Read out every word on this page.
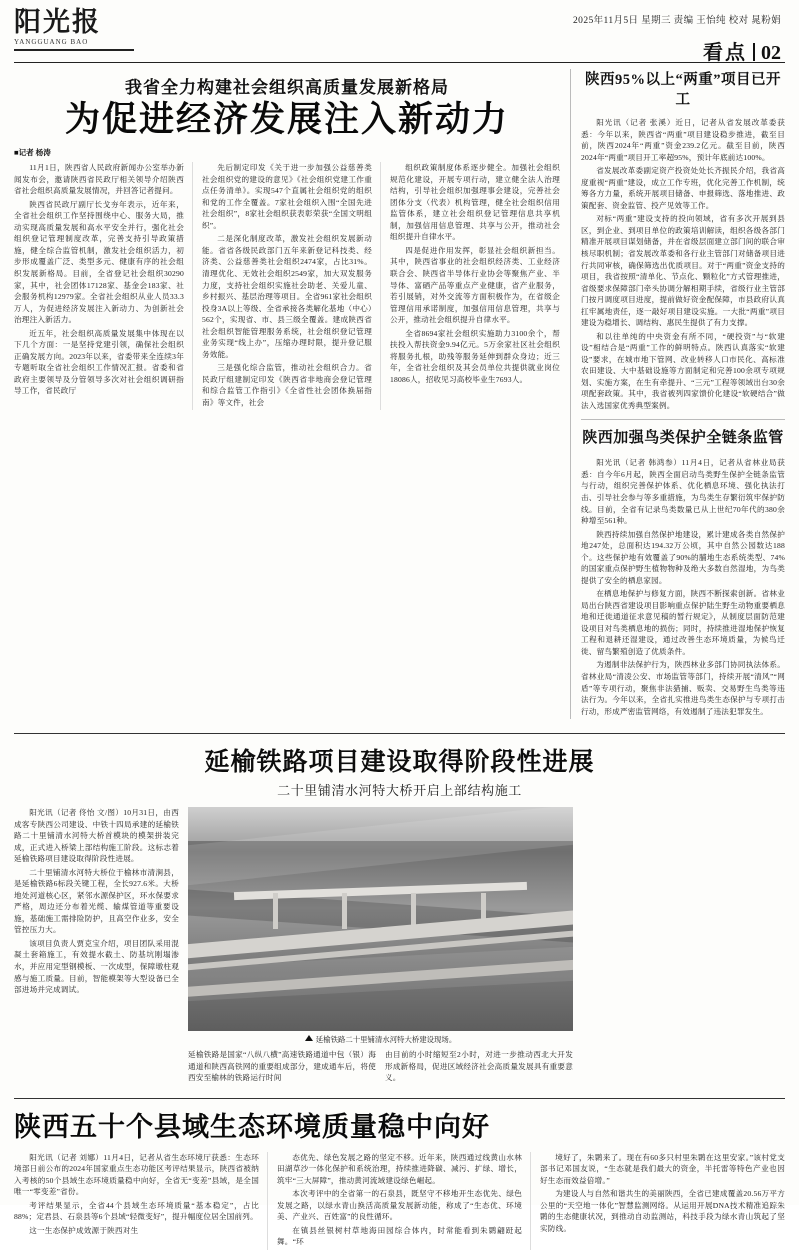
阳光报
YANGGUANG BAO
2025年11月5日 星期三 责编 王怡纯 校对 晁粉娟
看点 02
我省全力构建社会组织高质量发展新格局
为促进经济发展注入新动力
■记者 杨涛

11月1日，陕西省人民政府新闻办公室举办新闻发布会，邀请陕西省民政厅相关领导介绍陕西省社会组织高质量发展情况，并回答记者提问。

陕西省民政厅副厅长戈夯年表示，近年来，全省社会组织工作坚持围绕中心、服务大局，推动实现高质量发展和高水平安全并行，强化社会组织登记管理制度改革，完善支持引导政策措施，健全综合监管机制，激发社会组织活力，初步形成覆盖广泛、类型多元、健康有序的社会组织发展新格局。目前，全省登记社会组织30290家，其中，社会团体17128家、基金会183家、社会服务机构12979家。全省社会组织从业人员33.3万人，为促进经济发展注入新动力、为创新社会治理注入新活力。

近五年，社会组织高质量发展集中体现在以下几个方面：一是坚持党建引领，确保社会组织正确发展方向。2023年以来，省委带来全连续3年专题听取全省社会组织工作情况汇报。省委和省政府主要领导及分管领导多次对社会组织调研指导工作，省民政厅

先后制定印发《关于进一步加强公益慈善类社会组织党的建设的意见》《社会组织党建工作重点任务清单》。实现547个直属社会组织党的组织和党的工作全覆盖。7家社会组织入围“全国先进社会组织”，8家社会组织获表彰荣获“全国文明组织”。

二是深化制度改革，激发社会组织发展新动能。省省各级民政部门五年来新登记科技类、经济类、公益慈善类社会组织2474家，占比31%。清理优化、无效社会组织2549家，加大双发服务力度，支持社会组织实施社会助老、关爱儿童、乡村振兴、基层治理等项目。全省961家社会组织投身3A以上等级、全省承接各类解化基地（中心）562个，实现省、市、县三级全覆盖。建成陕西省社会组织智能管理服务系统，社会组织登记管理业务实现“线上办”，压缩办理时限，提升登记服务效能。

三是强化综合监管，推动社会组织合力。省民政厅组建制定印发《陕西省非地商会登记管理和综合监管工作指引》《全省性社会团体换届指南》等文件，社会

组织政策制度体系逐步健全。加强社会组织规范化建设，开展专项行动，建立健全法人治理结构，引导社会组织加强理事会建设，完善社会团体分支（代表）机构管理，健全社会组织信用监管体系，建立社会组织登记管理信息共享机制，加强信用信息管理、共享与公开，推动社会组织提升自律水平。

四是促进作用发挥，彰显社会组织新担当。其中，陕西省事业的社会组织经济类、工业经济联合会、陕西省半导体行业协会等聚焦产业、半导体、富硒产品等重点产业健康，省产业服务，若引展销，对外交流等方面积极作为，在省级企管理信用承诺制度，加强信用信息管理，共享与公开，推动社会组织提升自律水平。

全省8694家社会组织实施助力3100余个，帮扶投入帮扶资金9.94亿元。5万余家社区社会组织将服务扎根，助残等服务延伸到群众身边；近三年，全省社会组织及其会员单位共提供就业岗位18086人，招收见习高校毕业生7693人。

陕西95%以上“两重”项目已开工

阳光讯（记者 张溪）近日，记者从省发展改革委获悉：今年以来，陕西省“两重”项目建设稳步推进，截至目前，陕西2024年“两重”资金239.2亿元。截至目前，陕西2024年“两重”项目开工率超95%，预计年底前达100%。

省发展改革委副定资产投资处处长齐振民介绍，我省高度重视“两重”建设，成立工作专班，优化完善工作机制，统筹各方力量，系统开展项目储备、申报筛选、落地推进、政策配套、资金监管、投产见效等工作。

对标“两重”建设支持的投向领域，省有多次开展到县区，到企业、到项目单位的政策培训解读，组织各级各部门精准开展项目谋划储备，并在省级层面建立部门间的联合审核尽职机制；省发展改革委和各行业主管部门对储备项目进行共同审核，确保筛选出优质项目。对于“两重”资金支持的项目，我省按照“清单化、节点化、颗粒化”方式管理推进，省级要求保障部门牵头协调分解相期手续，省级行业主管部门按月调度项目进度，提前做好资金配保障，市县政府认真扛牢属地责任，逐一敲好项目建设实施。一大批“两重”项目建设为稳增长、调结构、惠民生提供了有力支撑。

和以往单纯的中央资金有所不同，“硬投资”与“软建设”相结合是“两重”工作的鲜明特点。陕西认真落实“软建设”要求，在城市地下管网、改业转移人口市民化、高标准农田建设、大中基础设施等方面制定和完善100余项专项规划、实施方案，在生有牵提升、“三元”工程等领域出台30余项配套政策。其中，我省被列四家馈价化建设“软硬结合”做法入选国家优秀典型案例。

陕西加强鸟类保护全链条监管

阳光讯（记者 韩鸿参）11月4日，记者从省林业局获悉：自今年6月起，陕西全面启动鸟类野生保护全链条监管与行动，组织完善保护体系、优化栖息环境、强化执法打击、引导社会参与等多重措施，为鸟类生存繁衍筑牢保护防线。目前，全省有记录鸟类数量已从上世纪70年代的380余种增至561种。

陕西持续加强自然保护地建设，累计建成各类自然保护地247处，总面积达194.32万公顷，其中自然公园数达188个。这些保护地有效覆盖了90%的脯地生态系统类型、74%的国家重点保护野生植物物种及绝大多数自然湿地，为鸟类提供了安全的栖息家园。

在栖息地保护与修复方面，陕西不断探索创新。省林业局出台陕西省建设项目影响重点保护陆生野生动物重要栖息地和迁徙通道征求意见稿的暂行规定》，从制度层面防范建设项目对鸟类栖息地的损伤；同时，持续推进湿地保护恢复工程和退耕还湿建设，通过改善生态环境质量，为候鸟迁徙、留鸟繁殖创造了优质条件。

为遏制非法保护行为，陕西林业多部门协同执法体系。省林业局“清凌公安、市场监管等部门，持续开展“清风”“网盾”等专项行动，聚焦非法猎捕、贩卖、交易野生鸟类等违法行为。今年以来，全省扎实推进鸟类生态保护与专项打击行动，形成严密监管网络，有效遏制了违法犯罪发生。

延榆铁路项目建设取得阶段性进展
二十里铺清水河特大桥开启上部结构施工

阳光讯（记者 佟怡 文/图）10月31日，由西成客专陕西公司建设、中铁十四局承建的延榆铁路二十里铺清水河特大桥首模块的模架拼装完成，正式进入桥梁上部结构施工阶段。这标志着延榆铁路项目建设取得阶段性进展。

二十里铺清水河特大桥位于榆林市清涧县，是延榆铁路6标段关键工程，全长927.6米。大桥地处河道核心区，紧邻水源保护区，环水保要求严格，周边还分布着光缆、输煤管道等重要设施，基础施工需排险防护，且高空作业多，安全管控压力大。

该项目负责人贾克宝介绍，项目团队采用混凝土套箱施工，有效提水截土、防基坑刚塌渗水，并应用定型钢模板、一次成型，保障墩柱观感与施工质量。目前，智能模架等大型设备已全部进场并完成调试。

延榆铁路二十里铺清水河特大桥建设现场。

延榆铁路是国家“八纵八横”高速铁路通道中包（银）海通道和陕西高铁网的重要组成部分，建成通车后，将使西安至榆林的铁路运行时间

由目前的小时缩短至2小时，对进一步推动西北大开发形成新格局，促进区域经济社会高质量发展具有重要意义。

陕西五十个县域生态环境质量稳中向好

阳光讯（记者 刘娜）11月4日，记者从省生态环境厅获悉：生态环境部日前公布的2024年国家重点生态功能区考评结果显示，陕西省被纳入考核的50个县域生态环境质量稳中向好，全省无“变差”县域，是全国唯一“零变差”省份。

考评结果显示，全省44个县域生态环境质量“基本稳定”，占比88%；定君县、石泉县等6个县域“轻微变好”，提升幅度位居全国前列。

这一生态保护成效源于陕西对生

态优先、绿色发展之路的坚定不移。近年来，陕西通过线黄山水林田湖草沙一体化保护和系统治理，持续推进降碳、减污、扩绿、增长，筑牢“三大屏障”，推动黄河流域建设绿色崛起。

本次考评中的全省第一的石泉县，既坚守不移地开生态优先、绿色发展之路，以绿水青山换活高质量发展新动能，称成了“生态优、环境美、产业兴、百姓富”的良性循环。

在镇县丝银树村草地海田园综合体内，时常能看到朱鹮翩跹起舞。“环

境好了，朱鹮来了。现在有60多只村里朱鹮在这里安家。”该村党支部书记邓国友说，“生态就是我们最大的资金，半托雷等特色产业也因好生态而效益倍增。”

为建设人与自然和谐共生的美丽陕西，全省已建成覆盖20.56万平方公里的“天空地一体化”智慧监测网络。从运用开展DNA技术精准追踪朱鹮的生态健康状况，到推动自动监测站，科技手段为绿水青山筑起了坚实防线。
